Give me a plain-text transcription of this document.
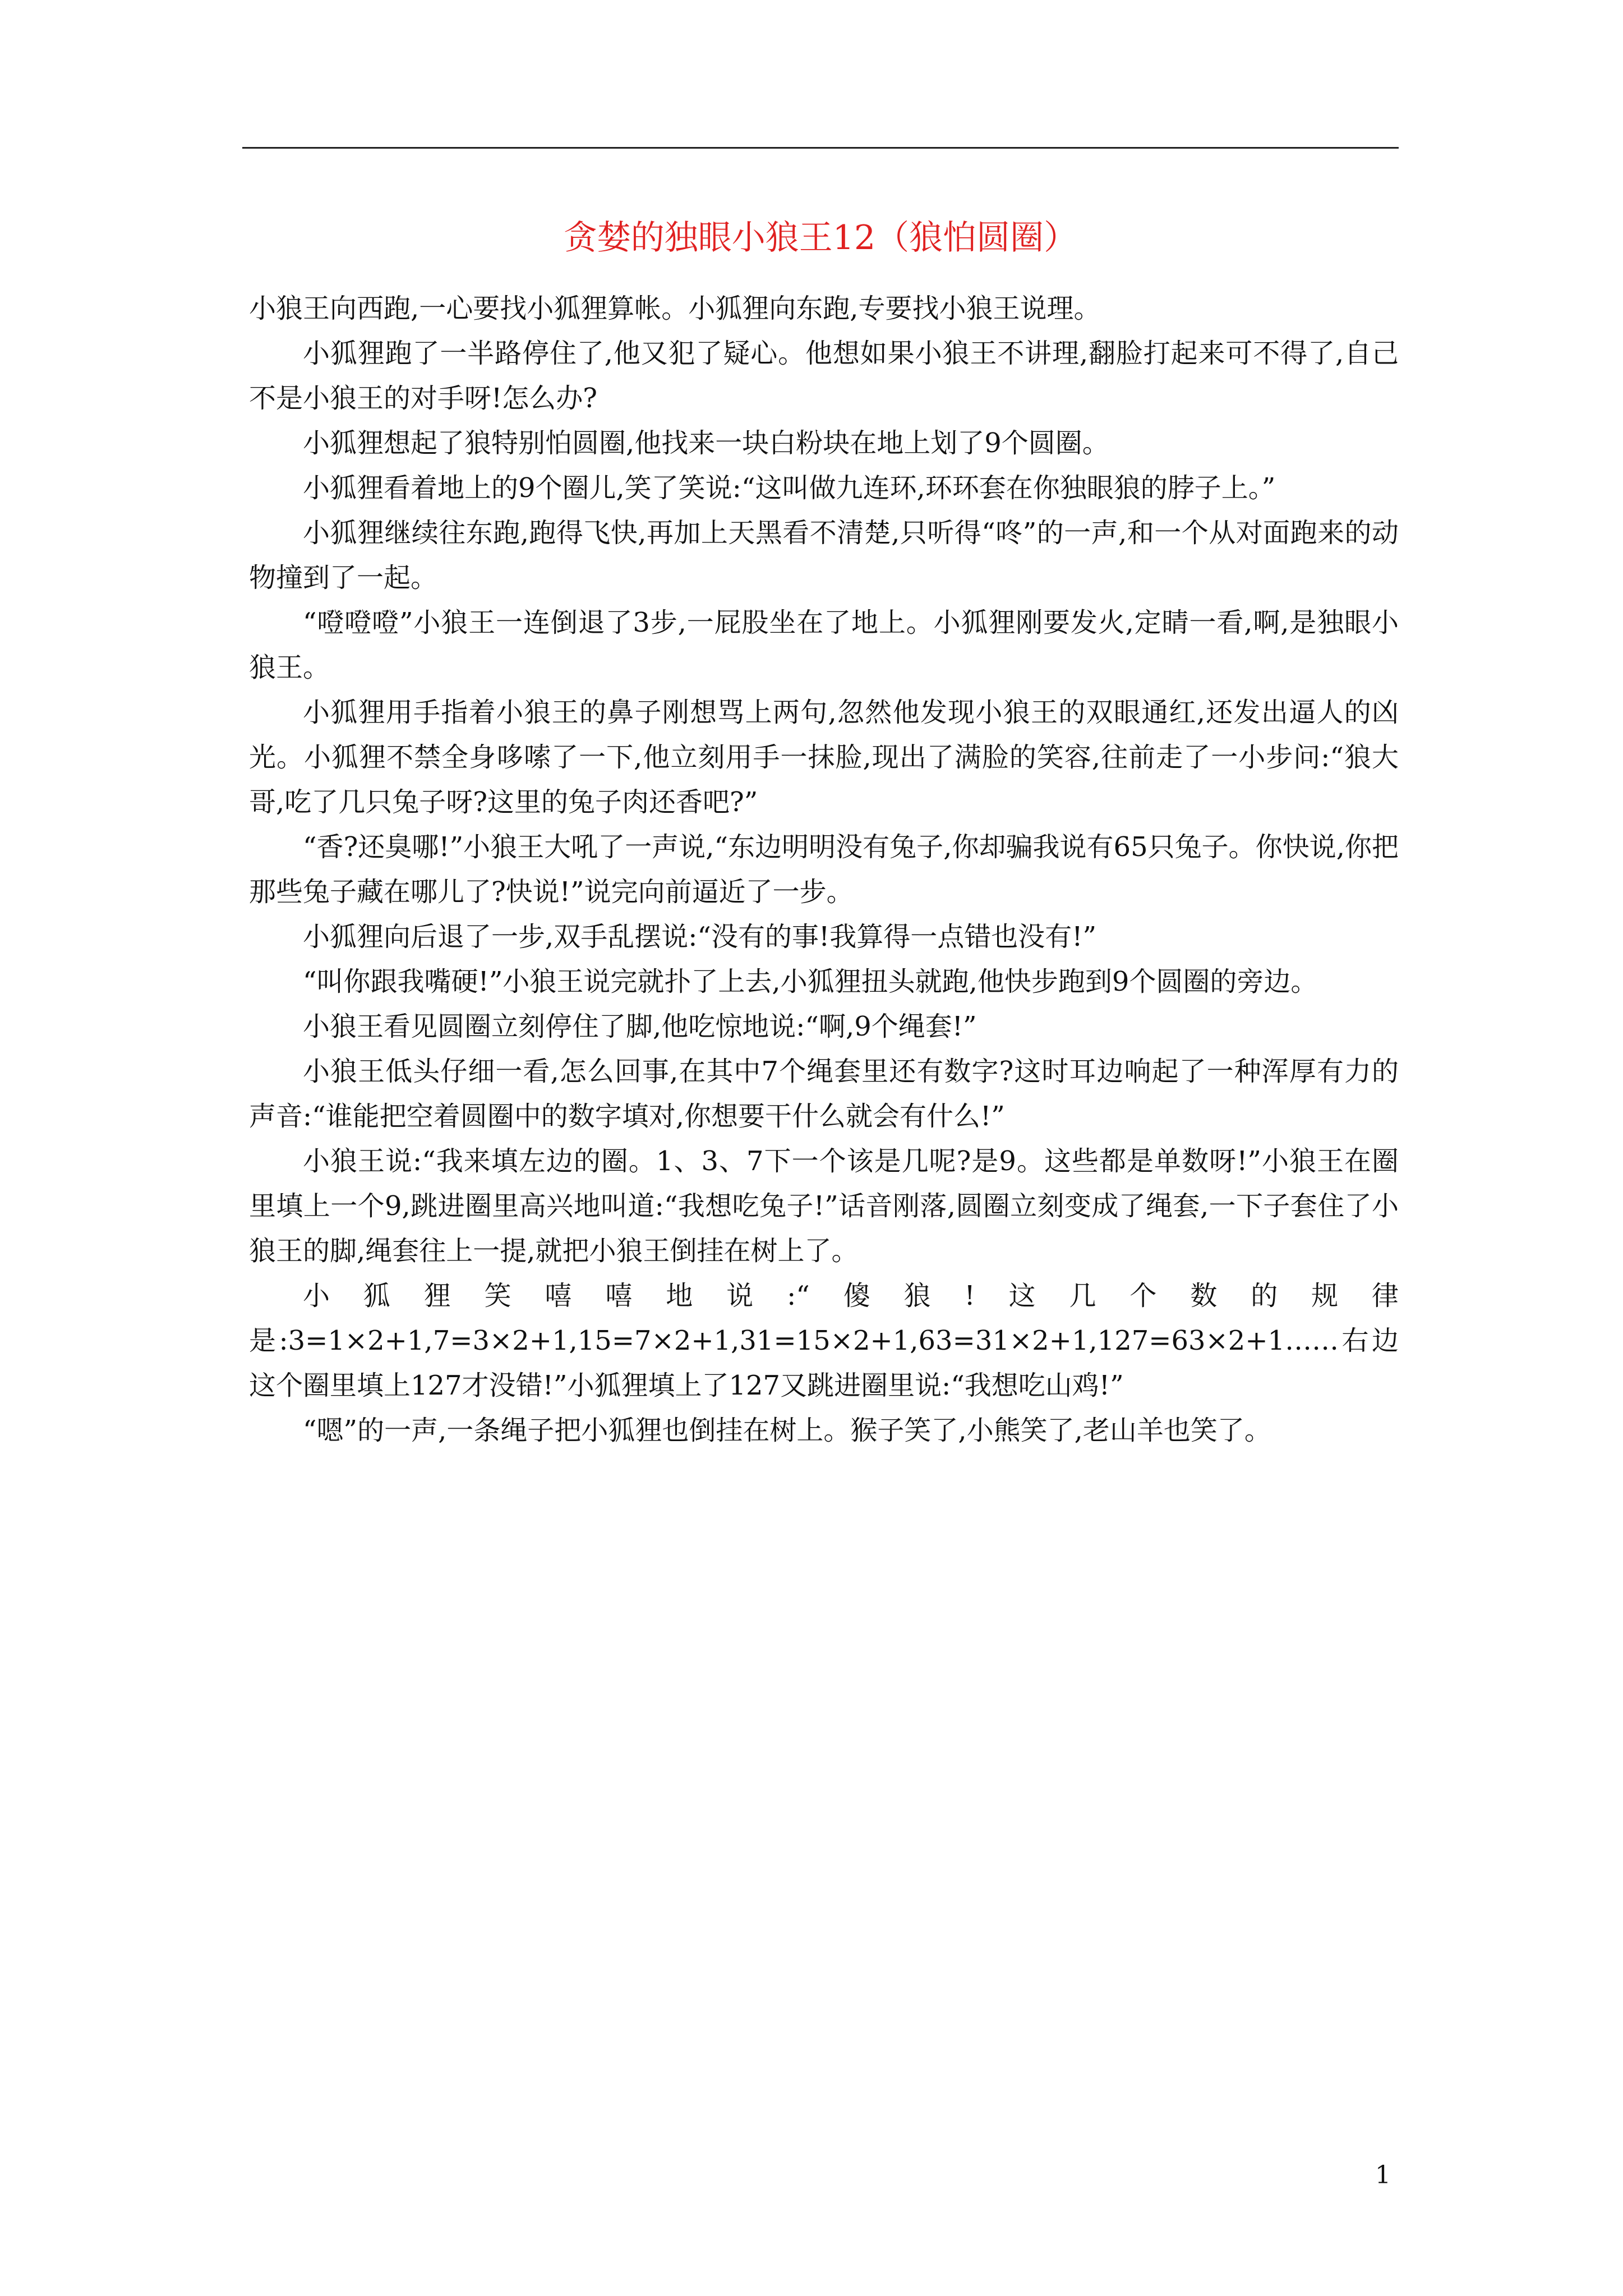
贪婪的独眼小狼王12（狼怕圆圈）

小狼王向西跑,一心要找小狐狸算帐。小狐狸向东跑,专要找小狼王说理。

小狐狸跑了一半路停住了,他又犯了疑心。他想如果小狼王不讲理,翻脸打起来可不得了,自己不是小狼王的对手呀!怎么办?

小狐狸想起了狼特别怕圆圈,他找来一块白粉块在地上划了9个圆圈。

小狐狸看着地上的9个圈儿,笑了笑说:“这叫做九连环,环环套在你独眼狼的脖子上。”

小狐狸继续往东跑,跑得飞快,再加上天黑看不清楚,只听得“咚”的一声,和一个从对面跑来的动物撞到了一起。

“噔噔噔”小狼王一连倒退了3步,一屁股坐在了地上。小狐狸刚要发火,定睛一看,啊,是独眼小狼王。

小狐狸用手指着小狼王的鼻子刚想骂上两句,忽然他发现小狼王的双眼通红,还发出逼人的凶光。小狐狸不禁全身哆嗦了一下,他立刻用手一抹脸,现出了满脸的笑容,往前走了一小步问:“狼大哥,吃了几只兔子呀?这里的兔子肉还香吧?”

“香?还臭哪!”小狼王大吼了一声说,“东边明明没有兔子,你却骗我说有65只兔子。你快说,你把那些兔子藏在哪儿了?快说!”说完向前逼近了一步。

小狐狸向后退了一步,双手乱摆说:“没有的事!我算得一点错也没有!”

“叫你跟我嘴硬!”小狼王说完就扑了上去,小狐狸扭头就跑,他快步跑到9个圆圈的旁边。

小狼王看见圆圈立刻停住了脚,他吃惊地说:“啊,9个绳套!”

小狼王低头仔细一看,怎么回事,在其中7个绳套里还有数字?这时耳边响起了一种浑厚有力的声音:“谁能把空着圆圈中的数字填对,你想要干什么就会有什么!”

小狼王说:“我来填左边的圈。1、3、7下一个该是几呢?是9。这些都是单数呀!”小狼王在圈里填上一个9,跳进圈里高兴地叫道:“我想吃兔子!”话音刚落,圆圈立刻变成了绳套,一下子套住了小狼王的脚,绳套往上一提,就把小狼王倒挂在树上了。

小狐狸笑嘻嘻地说:“傻狼!这几个数的规律是:3=1×2+1,7=3×2+1,15=7×2+1,31=15×2+1,63=31×2+1,127=63×2+1……右边这个圈里填上127才没错!”小狐狸填上了127又跳进圈里说:“我想吃山鸡!”

“嗯”的一声,一条绳子把小狐狸也倒挂在树上。猴子笑了,小熊笑了,老山羊也笑了。

1
